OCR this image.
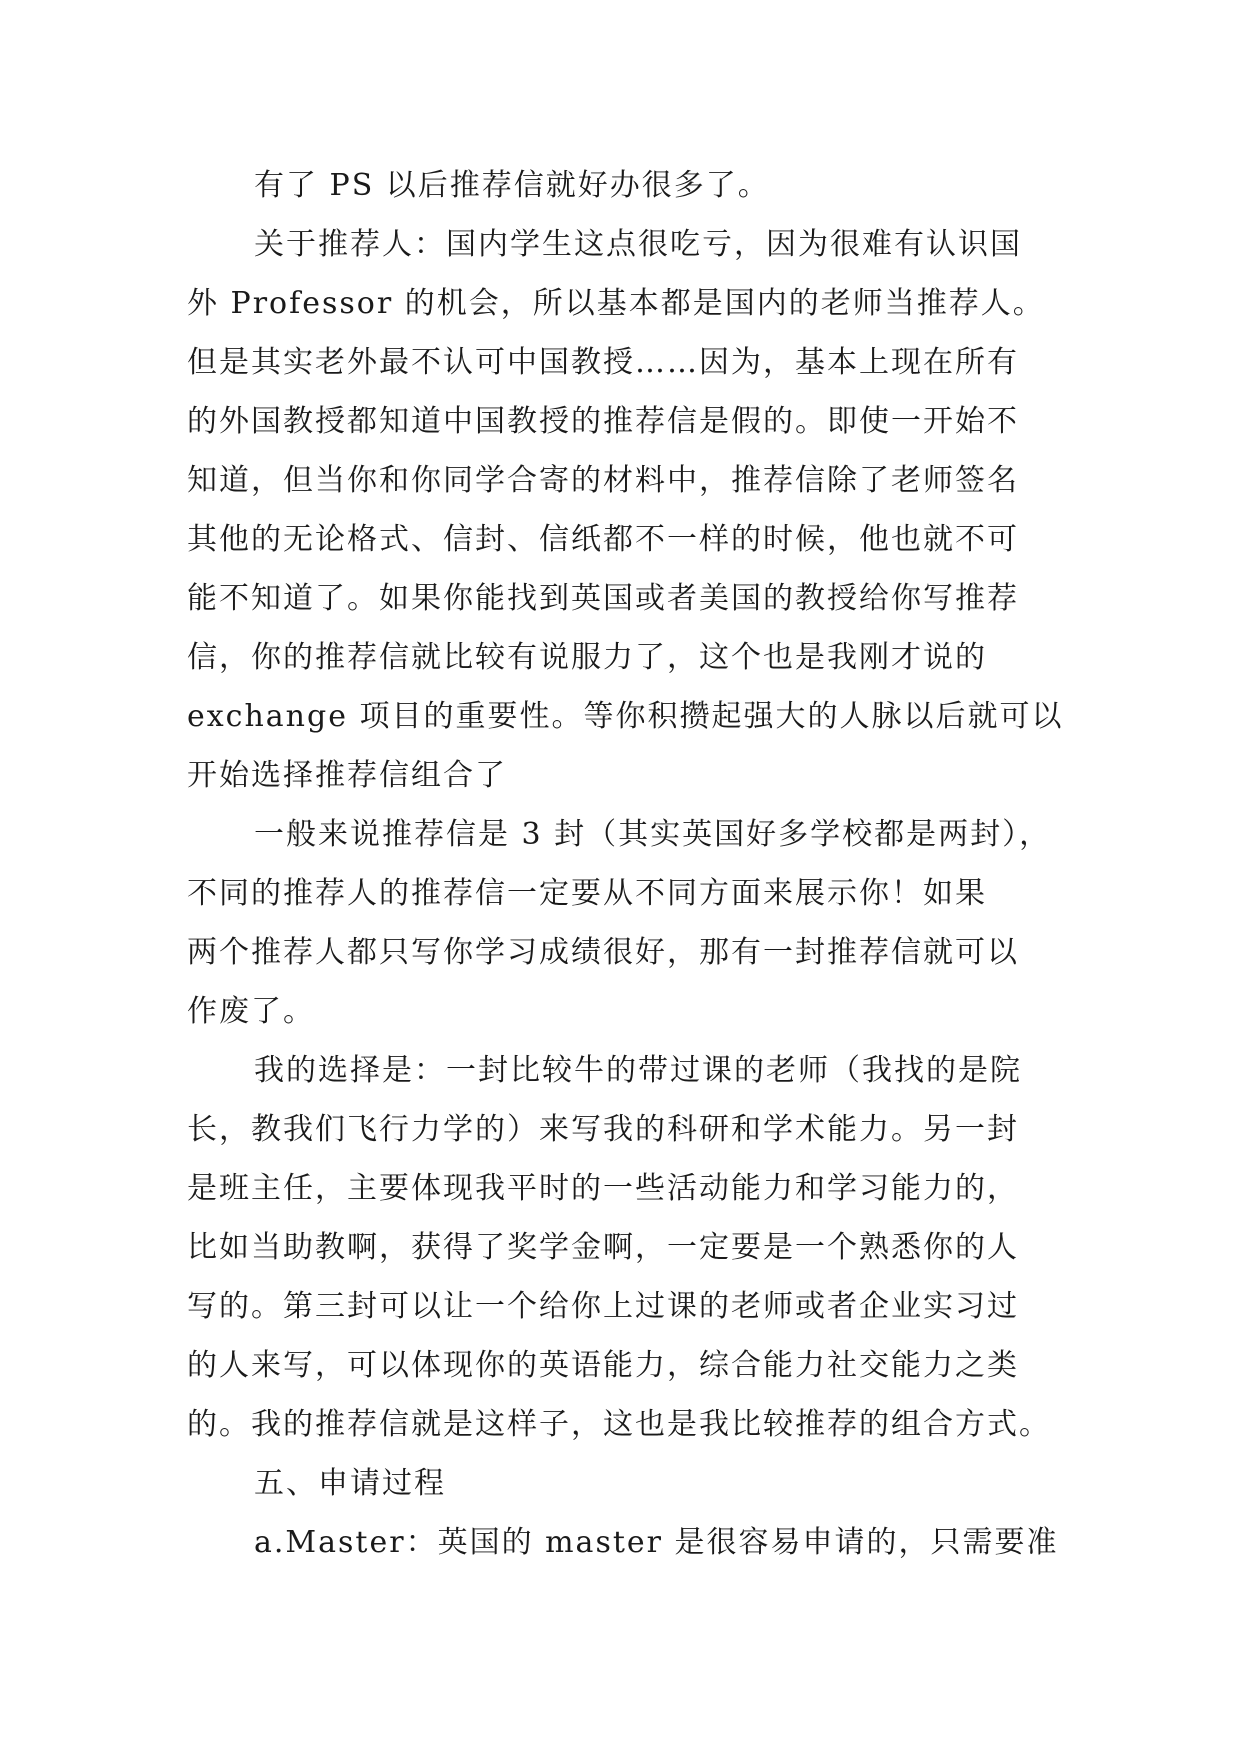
有了 PS 以后推荐信就好办很多了。
关于推荐人：国内学生这点很吃亏，因为很难有认识国
外 Professor 的机会，所以基本都是国内的老师当推荐人。
但是其实老外最不认可中国教授……因为，基本上现在所有
的外国教授都知道中国教授的推荐信是假的。即使一开始不
知道，但当你和你同学合寄的材料中，推荐信除了老师签名
其他的无论格式、信封、信纸都不一样的时候，他也就不可
能不知道了。如果你能找到英国或者美国的教授给你写推荐
信，你的推荐信就比较有说服力了，这个也是我刚才说的
exchange 项目的重要性。等你积攒起强大的人脉以后就可以
开始选择推荐信组合了
一般来说推荐信是 3 封（其实英国好多学校都是两封），
不同的推荐人的推荐信一定要从不同方面来展示你！如果
两个推荐人都只写你学习成绩很好，那有一封推荐信就可以
作废了。
我的选择是：一封比较牛的带过课的老师（我找的是院
长，教我们飞行力学的）来写我的科研和学术能力。另一封
是班主任，主要体现我平时的一些活动能力和学习能力的，
比如当助教啊，获得了奖学金啊，一定要是一个熟悉你的人
写的。第三封可以让一个给你上过课的老师或者企业实习过
的人来写，可以体现你的英语能力，综合能力社交能力之类
的。我的推荐信就是这样子，这也是我比较推荐的组合方式。
五、申请过程
a.Master：英国的 master 是很容易申请的，只需要准
